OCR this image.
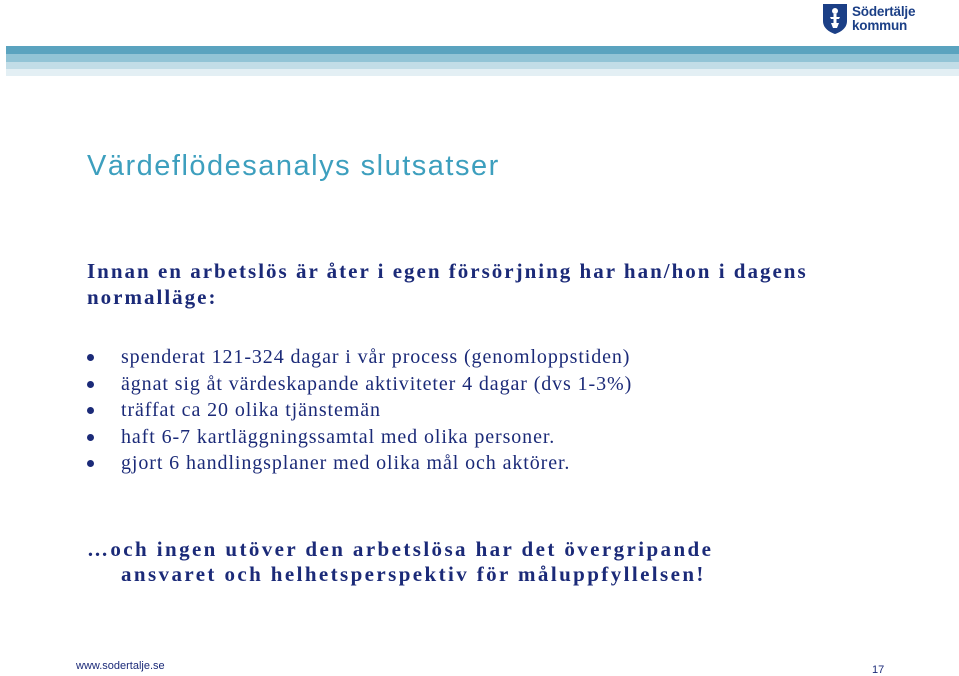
Södertälje
kommun
Värdeflödesanalys slutsatser

Innan en arbetslös är åter i egen försörjning har han/hon i dagens normalläge:

spenderat 121-324 dagar i vår process (genomloppstiden)
ägnat sig åt värdeskapande aktiviteter 4 dagar (dvs 1-3%)
träffat ca 20 olika tjänstemän
haft 6-7 kartläggningssamtal med olika personer.
gjort 6 handlingsplaner med olika mål och aktörer.

…och ingen utöver den arbetslösa har det övergripande
ansvaret och helhetsperspektiv för måluppfyllelsen!

www.sodertalje.se	17
